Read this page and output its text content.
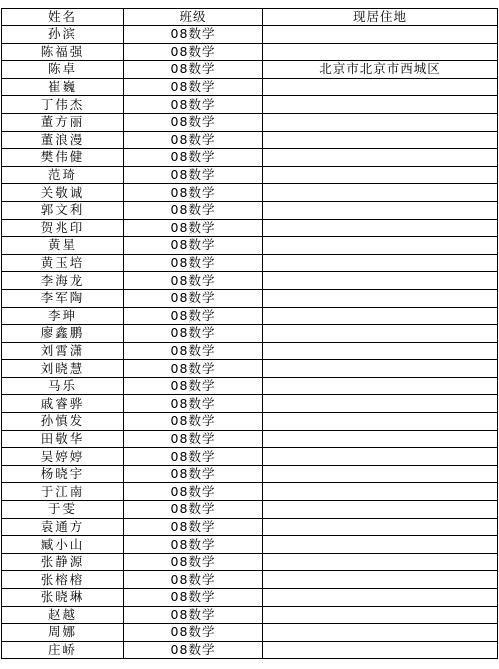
姓名	班级	现居住地
孙滨	08数学	
陈福强	08数学	
陈卓	08数学	北京市北京市西城区
崔巍	08数学	
丁伟杰	08数学	
董方丽	08数学	
董浪漫	08数学	
樊伟健	08数学	
范琦	08数学	
关敬诚	08数学	
郭文利	08数学	
贺兆印	08数学	
黄星	08数学	
黄玉培	08数学	
李海龙	08数学	
李军陶	08数学	
李珅	08数学	
廖鑫鹏	08数学	
刘霄潇	08数学	
刘晓慧	08数学	
马乐	08数学	
戚睿骅	08数学	
孙慎发	08数学	
田敬华	08数学	
吴婷婷	08数学	
杨晓宇	08数学	
于江南	08数学	
于雯	08数学	
袁通方	08数学	
臧小山	08数学	
张静源	08数学	
张榕榕	08数学	
张晓琳	08数学	
赵越	08数学	
周娜	08数学	
庄峤	08数学	
